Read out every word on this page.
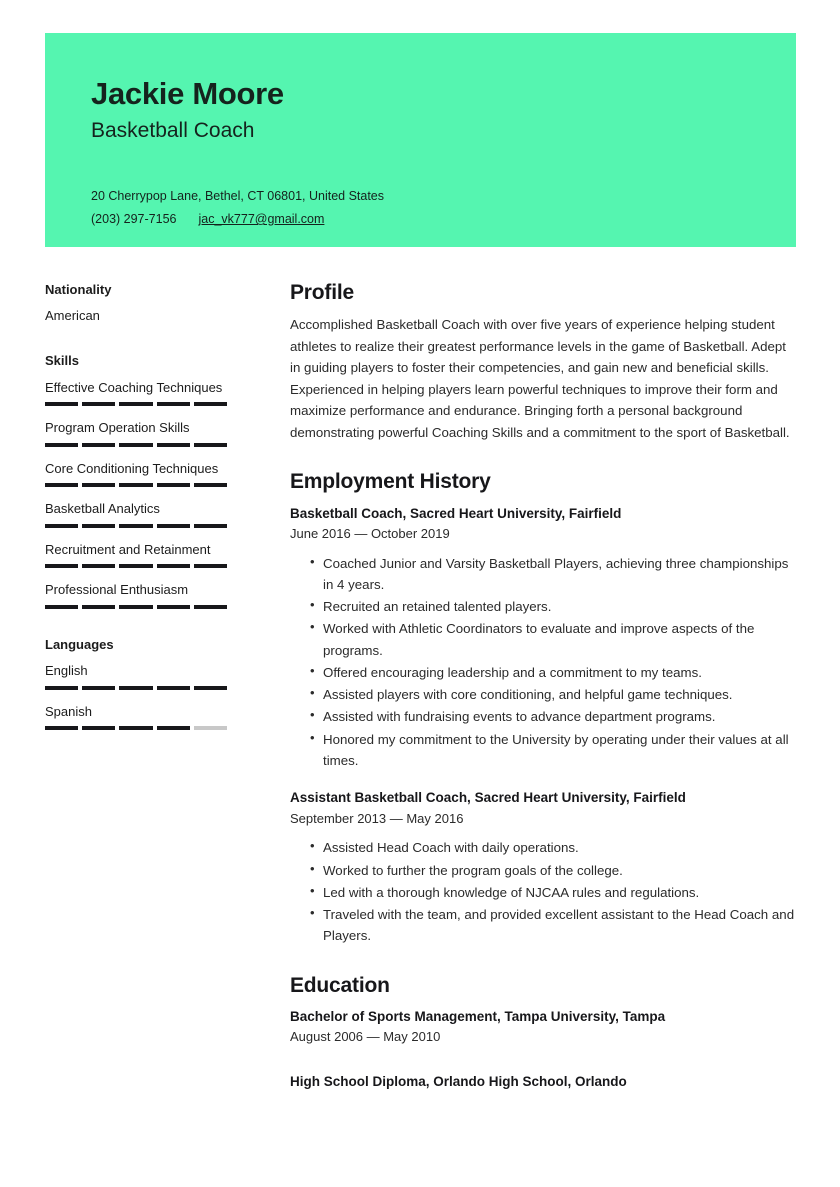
Jackie Moore
Basketball Coach
20 Cherrypop Lane, Bethel, CT 06801, United States
(203) 297-7156 jac_vk777@gmail.com
Nationality
American
Skills
Effective Coaching Techniques
Program Operation Skills
Core Conditioning Techniques
Basketball Analytics
Recruitment and Retainment
Professional Enthusiasm
Languages
English
Spanish
Profile

Accomplished Basketball Coach with over five years of experience helping student athletes to realize their greatest performance levels in the game of Basketball. Adept in guiding players to foster their competencies, and gain new and beneficial skills. Experienced in helping players learn powerful techniques to improve their form and maximize performance and endurance. Bringing forth a personal background demonstrating powerful Coaching Skills and a commitment to the sport of Basketball.

Employment History
Basketball Coach, Sacred Heart University, Fairfield
June 2016 — October 2019
• Coached Junior and Varsity Basketball Players, achieving three championships in 4 years.
• Recruited an retained talented players.
• Worked with Athletic Coordinators to evaluate and improve aspects of the programs.
• Offered encouraging leadership and a commitment to my teams.
• Assisted players with core conditioning, and helpful game techniques.
• Assisted with fundraising events to advance department programs.
• Honored my commitment to the University by operating under their values at all times.
Assistant Basketball Coach, Sacred Heart University, Fairfield
September 2013 — May 2016
• Assisted Head Coach with daily operations.
• Worked to further the program goals of the college.
• Led with a thorough knowledge of NJCAA rules and regulations.
• Traveled with the team, and provided excellent assistant to the Head Coach and Players.
Education
Bachelor of Sports Management, Tampa University, Tampa
August 2006 — May 2010
High School Diploma, Orlando High School, Orlando
